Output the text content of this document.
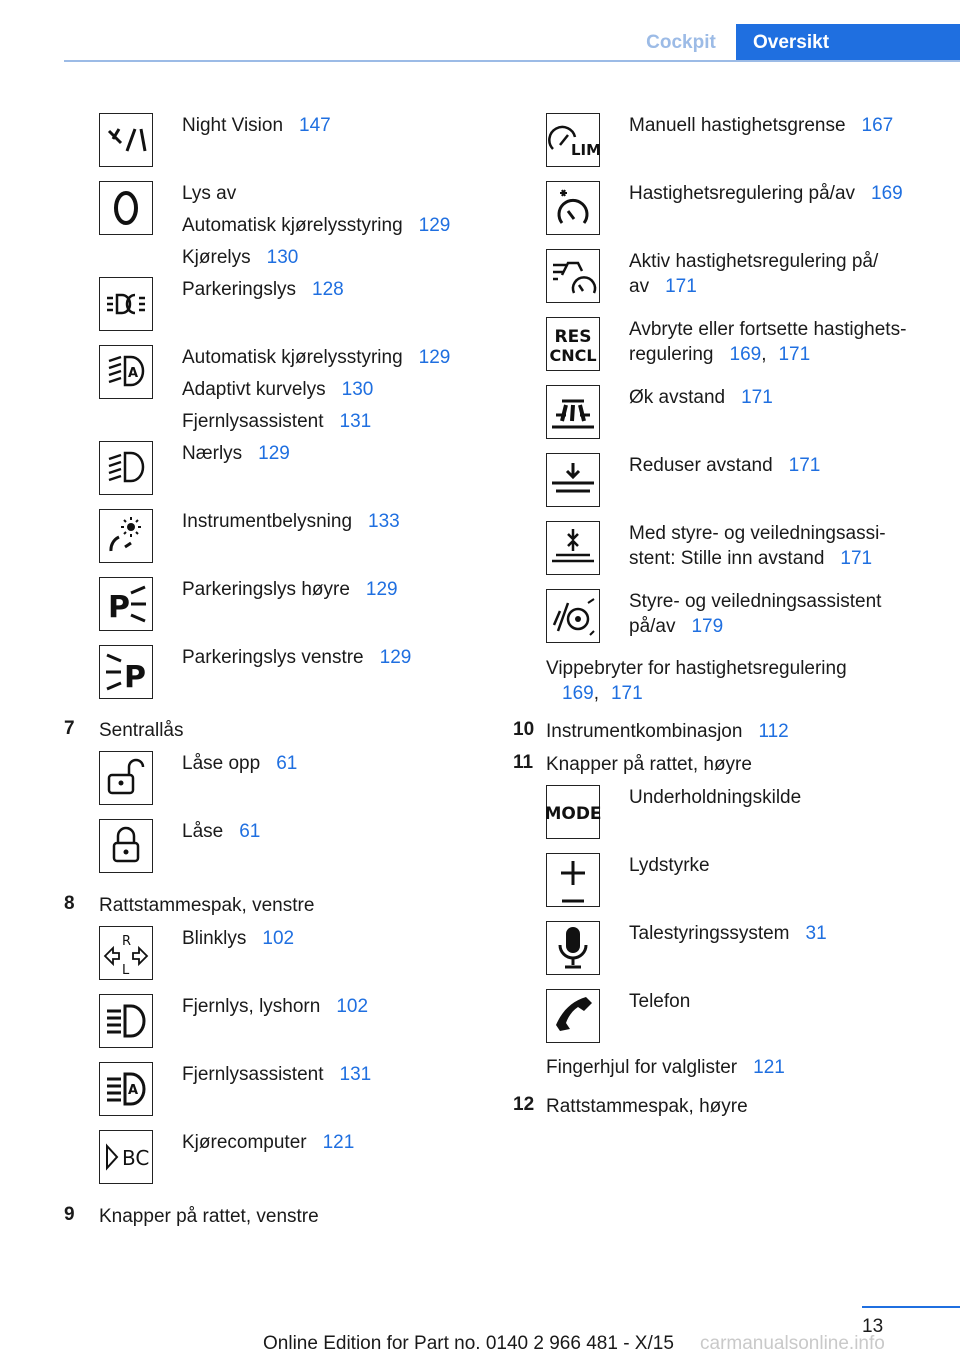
Cockpit	Oversikt
Night Vision 147
Lys av
Automatisk kjørelysstyring 129
Kjørelys 130
Parkeringslys 128
A
Automatisk kjørelysstyring 129
Adaptivt kurvelys 130
Fjernlysassistent 131
Nærlys 129
Instrumentbelysning 133
P
Parkeringslys høyre 129
P
Parkeringslys venstre 129
7 Sentrallås
Låse opp 61
Låse 61
8 Rattstammespak, venstre
R
L
Blinklys 102
Fjernlys, lyshorn 102
A
Fjernlysassistent 131
BC
Kjørecomputer 121
9 Knapper på rattet, venstre
LIM
Manuell hastighetsgrense 167
Hastighetsregulering på/av 169
Aktiv hastighetsregulering på/
av 171
RES
CNCL
Avbryte eller fortsette hastighets-
regulering 169, 171
Øk avstand 171
Reduser avstand 171
Med styre- og veiledningsassi-
stent: Stille inn avstand 171
Styre- og veiledningsassistent
på/av 179
Vippebryter for hastighetsregulering
169, 171
10 Instrumentkombinasjon 112
11 Knapper på rattet, høyre
MODE
Underholdningskilde
Lydstyrke
Talestyringssystem 31
Telefon
Fingerhjul for valglister 121
12 Rattstammespak, høyre
13
Online Edition for Part no. 0140 2 966 481 - X/15 carmanualsonline.info
